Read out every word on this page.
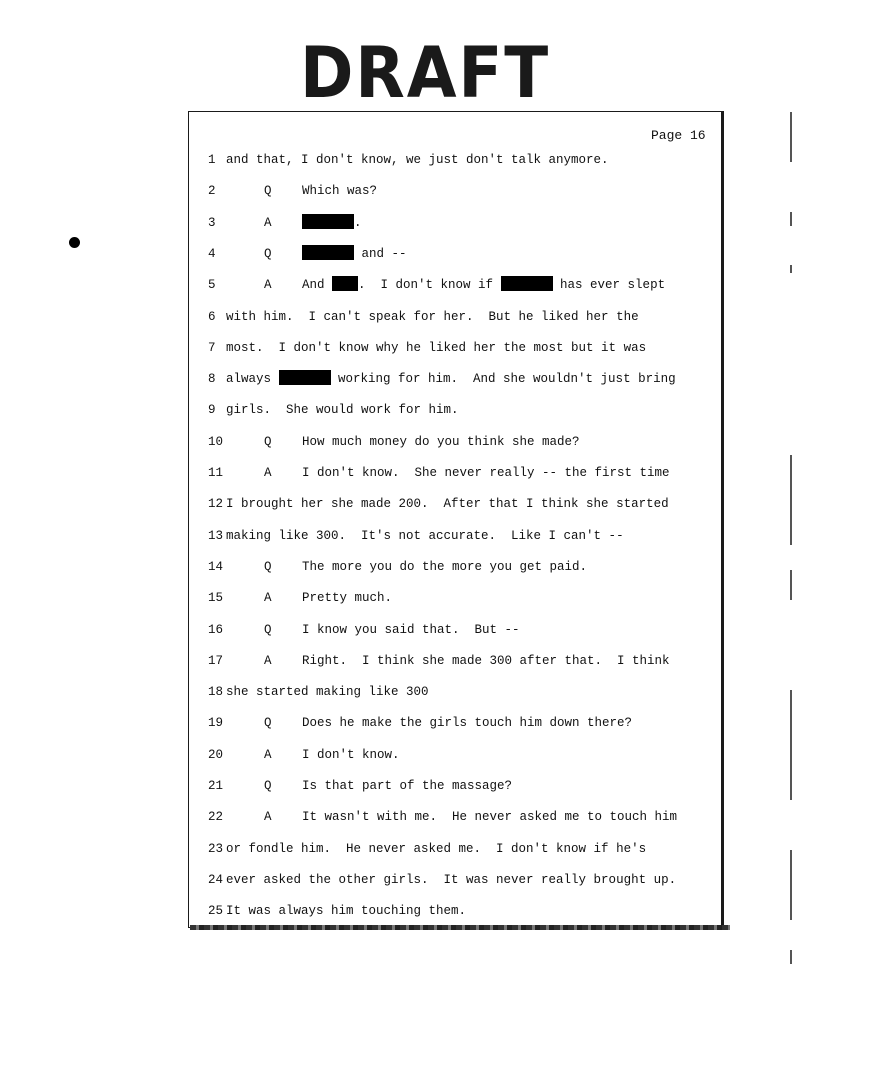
DRAFT
Page 16
1 and that, I don't know, we just don't talk anymore.
2	Q Which was?
3	A	.
4	Q	and --
5	A And .  I don't know if	has ever slept
6 with him.  I can't speak for her.  But he liked her the
7 most.  I don't know why he liked her the most but it was
8 always	working for him.  And she wouldn't just bring
9 girls.  She would work for him.
10	Q How much money do you think she made?
11	A I don't know.  She never really -- the first time
12 I brought her she made 200.  After that I think she started
13 making like 300.  It's not accurate.  Like I can't --
14	Q The more you do the more you get paid.
15	A Pretty much.
16	Q I know you said that.  But --
17	A Right.  I think she made 300 after that.  I think
18 she started making like 300
19	Q Does he make the girls touch him down there?
20	A I don't know.
21	Q Is that part of the massage?
22	A It wasn't with me.  He never asked me to touch him
23 or fondle him.  He never asked me.  I don't know if he's
24 ever asked the other girls.  It was never really brought up.
25 It was always him touching them.
